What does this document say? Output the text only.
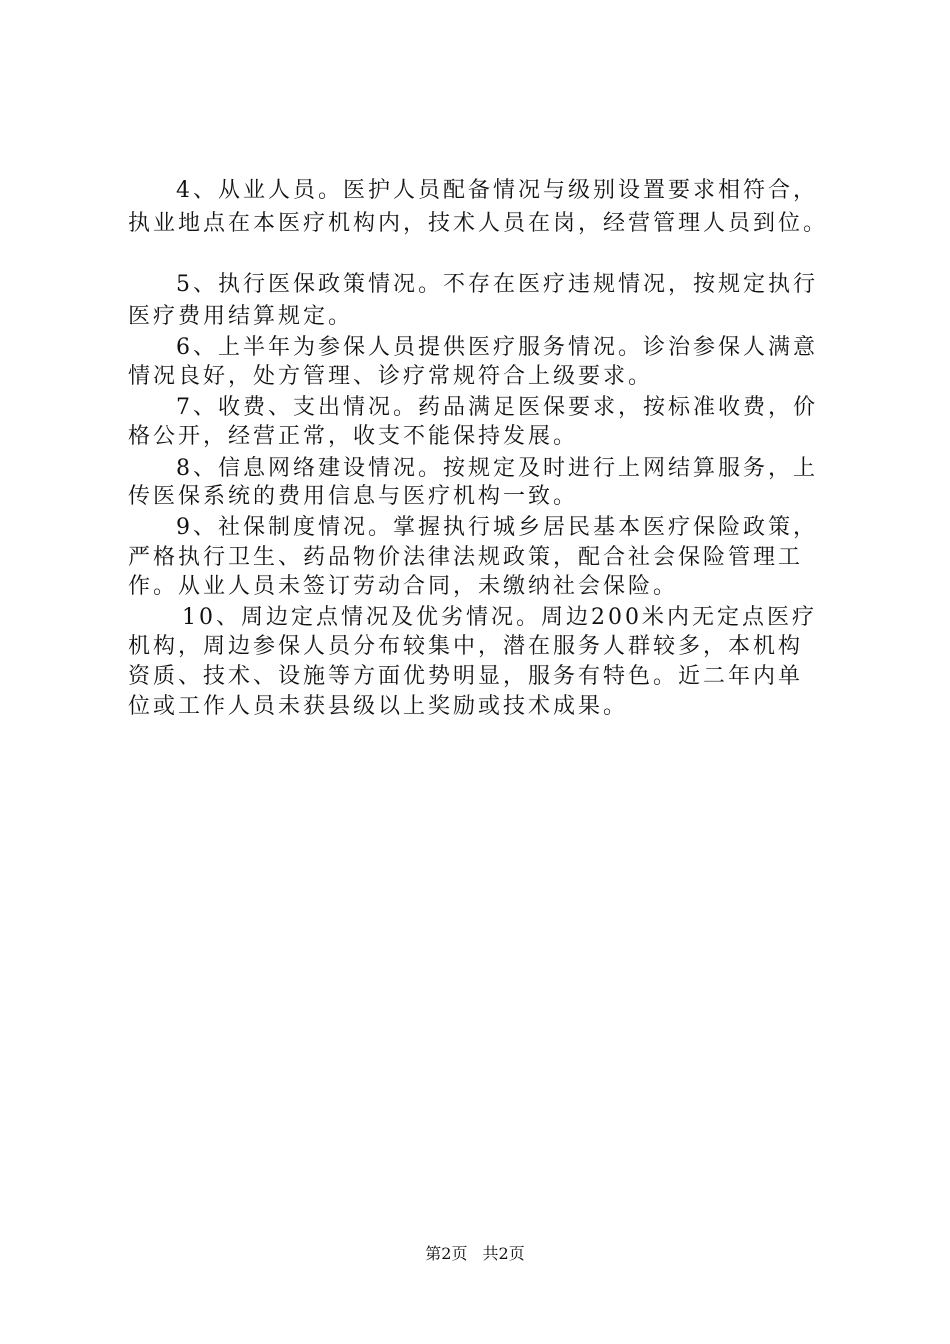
4、从业人员。医护人员配备情况与级别设置要求相符合，
执业地点在本医疗机构内，技术人员在岗，经营管理人员到位。
5、执行医保政策情况。不存在医疗违规情况，按规定执行
医疗费用结算规定。
6、上半年为参保人员提供医疗服务情况。诊治参保人满意
情况良好，处方管理、诊疗常规符合上级要求。
7、收费、支出情况。药品满足医保要求，按标准收费，价
格公开，经营正常，收支不能保持发展。
8、信息网络建设情况。按规定及时进行上网结算服务，上
传医保系统的费用信息与医疗机构一致。
9、社保制度情况。掌握执行城乡居民基本医疗保险政策，
严格执行卫生、药品物价法律法规政策，配合社会保险管理工
作。从业人员未签订劳动合同，未缴纳社会保险。
10、周边定点情况及优劣情况。周边200米内无定点医疗
机构，周边参保人员分布较集中，潜在服务人群较多，本机构
资质、技术、设施等方面优势明显，服务有特色。近二年内单
位或工作人员未获县级以上奖励或技术成果。
第2页 共2页
